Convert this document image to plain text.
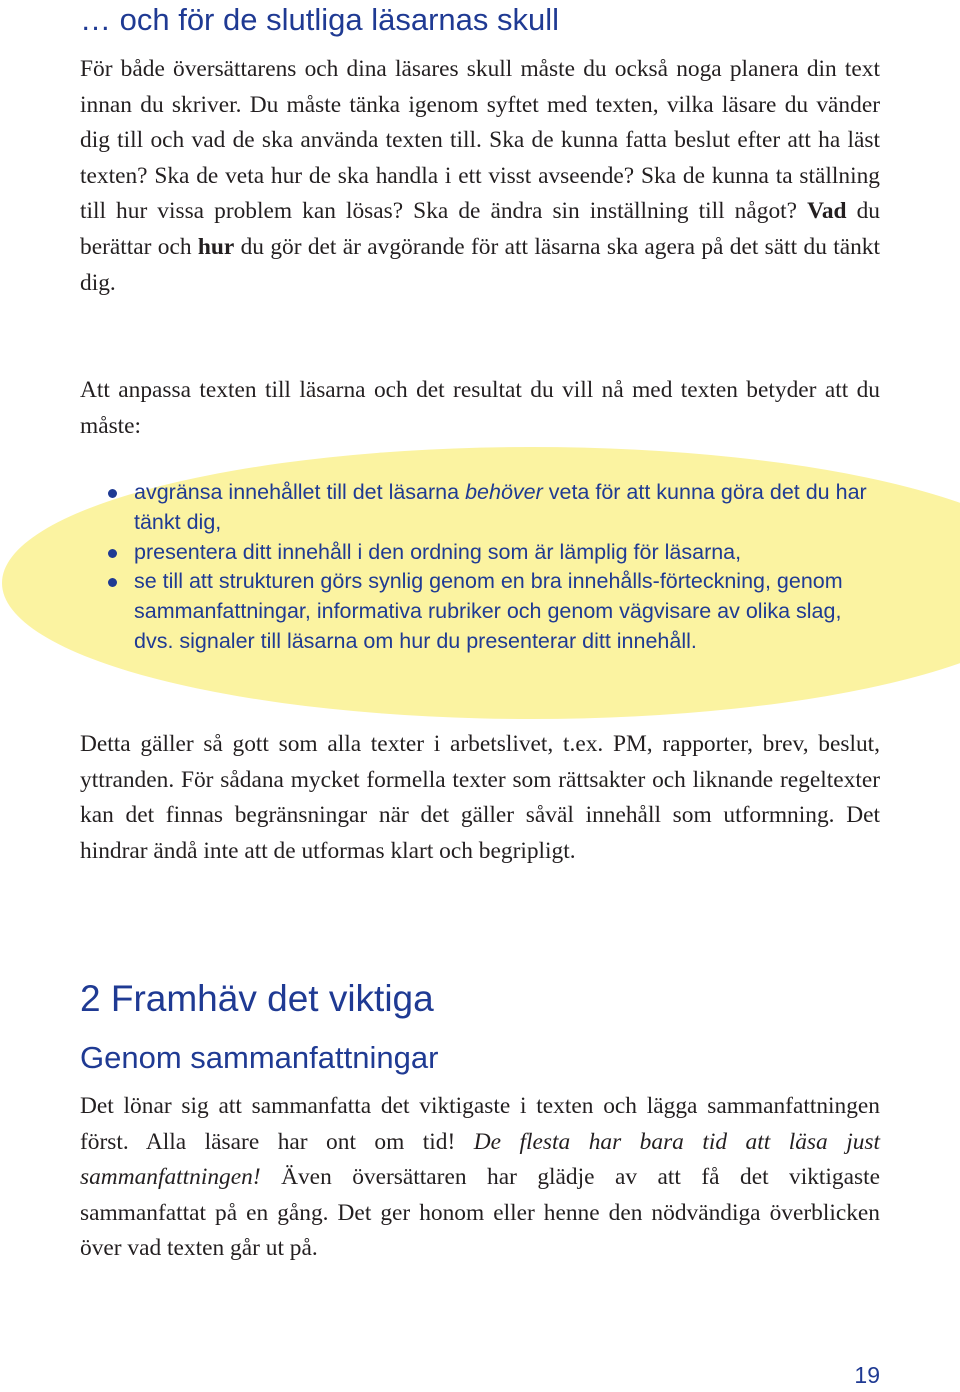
… och för de slutliga läsarnas skull

För både översättarens och dina läsares skull måste du också noga planera din text innan du skriver. Du måste tänka igenom syftet med texten, vilka läsare du vänder dig till och vad de ska använda texten till. Ska de kunna fatta beslut efter att ha läst texten? Ska de veta hur de ska handla i ett visst avseende? Ska de kunna ta ställning till hur vissa problem kan lösas? Ska de ändra sin inställning till något? Vad du berättar och hur du gör det är avgörande för att läsarna ska agera på det sätt du tänkt dig.

Att anpassa texten till läsarna och det resultat du vill nå med texten betyder att du måste:

avgränsa innehållet till det läsarna behöver veta för att kunna göra det du har tänkt dig,
presentera ditt innehåll i den ordning som är lämplig för läsarna,
se till att strukturen görs synlig genom en bra innehålls-förteckning, genom sammanfattningar, informativa rubriker och genom vägvisare av olika slag, dvs. signaler till läsarna om hur du presenterar ditt innehåll.

Detta gäller så gott som alla texter i arbetslivet, t.ex. PM, rapporter, brev, beslut, yttranden. För sådana mycket formella texter som rättsakter och liknande regeltexter kan det finnas begränsningar när det gäller såväl innehåll som utformning. Det hindrar ändå inte att de utformas klart och begripligt.

2 Framhäv det viktiga
Genom sammanfattningar

Det lönar sig att sammanfatta det viktigaste i texten och lägga sammanfattningen först. Alla läsare har ont om tid! De flesta har bara tid att läsa just sammanfattningen! Även översättaren har glädje av att få det viktigaste sammanfattat på en gång. Det ger honom eller henne den nödvändiga överblicken över vad texten går ut på.

19
